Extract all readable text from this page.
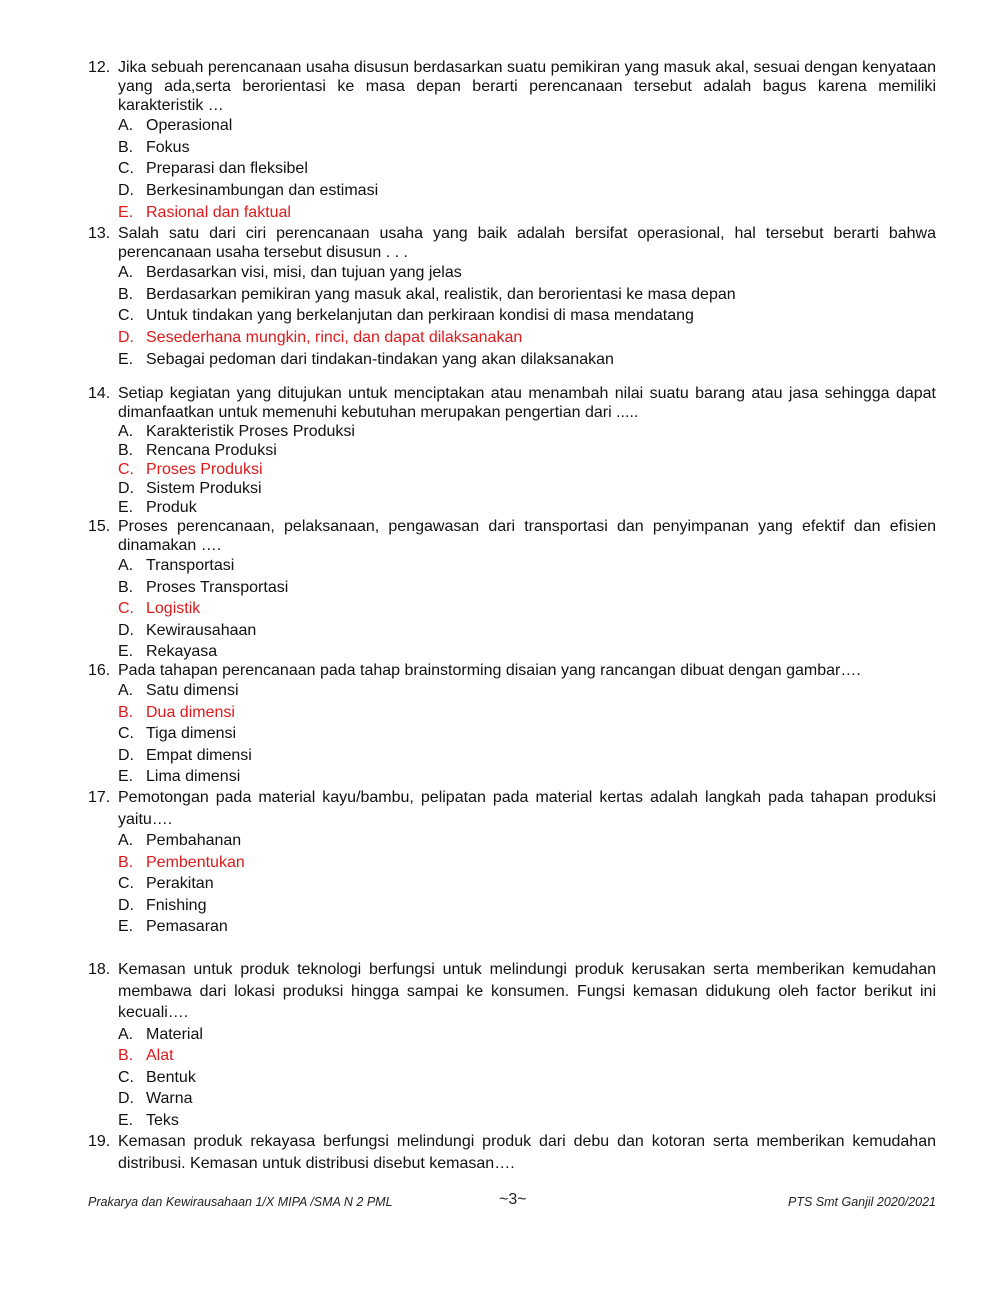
12. Jika sebuah perencanaan usaha disusun berdasarkan suatu pemikiran yang masuk akal, sesuai dengan kenyataan yang ada,serta berorientasi ke masa depan berarti perencanaan tersebut adalah bagus karena memiliki karakteristik …
A. Operasional
B. Fokus
C. Preparasi dan fleksibel
D. Berkesinambungan dan estimasi
E. Rasional dan faktual
13. Salah satu dari ciri perencanaan usaha yang baik adalah bersifat operasional, hal tersebut berarti bahwa perencanaan usaha tersebut disusun . . .
A. Berdasarkan visi, misi, dan tujuan yang jelas
B. Berdasarkan pemikiran yang masuk akal, realistik, dan berorientasi ke masa depan
C. Untuk tindakan yang berkelanjutan dan perkiraan kondisi di masa mendatang
D. Sesederhana mungkin, rinci, dan dapat dilaksanakan
E. Sebagai pedoman dari tindakan-tindakan yang akan dilaksanakan
14. Setiap kegiatan yang ditujukan untuk menciptakan atau menambah nilai suatu barang atau jasa sehingga dapat dimanfaatkan untuk memenuhi kebutuhan merupakan pengertian dari .....
A. Karakteristik Proses Produksi
B. Rencana Produksi
C. Proses Produksi
D. Sistem Produksi
E. Produk
15. Proses perencanaan, pelaksanaan, pengawasan dari transportasi dan penyimpanan yang efektif dan efisien dinamakan ….
A. Transportasi
B. Proses Transportasi
C. Logistik
D. Kewirausahaan
E. Rekayasa
16. Pada tahapan perencanaan pada tahap brainstorming disaian yang rancangan dibuat dengan gambar….
A. Satu dimensi
B. Dua dimensi
C. Tiga dimensi
D. Empat dimensi
E. Lima dimensi
17. Pemotongan pada material kayu/bambu, pelipatan pada material kertas adalah langkah pada tahapan produksi yaitu….
A. Pembahanan
B. Pembentukan
C. Perakitan
D. Fnishing
E. Pemasaran
18. Kemasan untuk produk teknologi berfungsi untuk melindungi produk kerusakan serta memberikan kemudahan membawa dari lokasi produksi hingga sampai ke konsumen. Fungsi kemasan didukung oleh factor berikut ini kecuali….
A. Material
B. Alat
C. Bentuk
D. Warna
E. Teks
19. Kemasan produk rekayasa berfungsi melindungi produk dari debu dan kotoran serta memberikan kemudahan distribusi. Kemasan untuk distribusi disebut kemasan….
Prakarya dan Kewirausahaan 1/X MIPA /SMA N 2 PML	~3~	PTS Smt Ganjil 2020/2021
